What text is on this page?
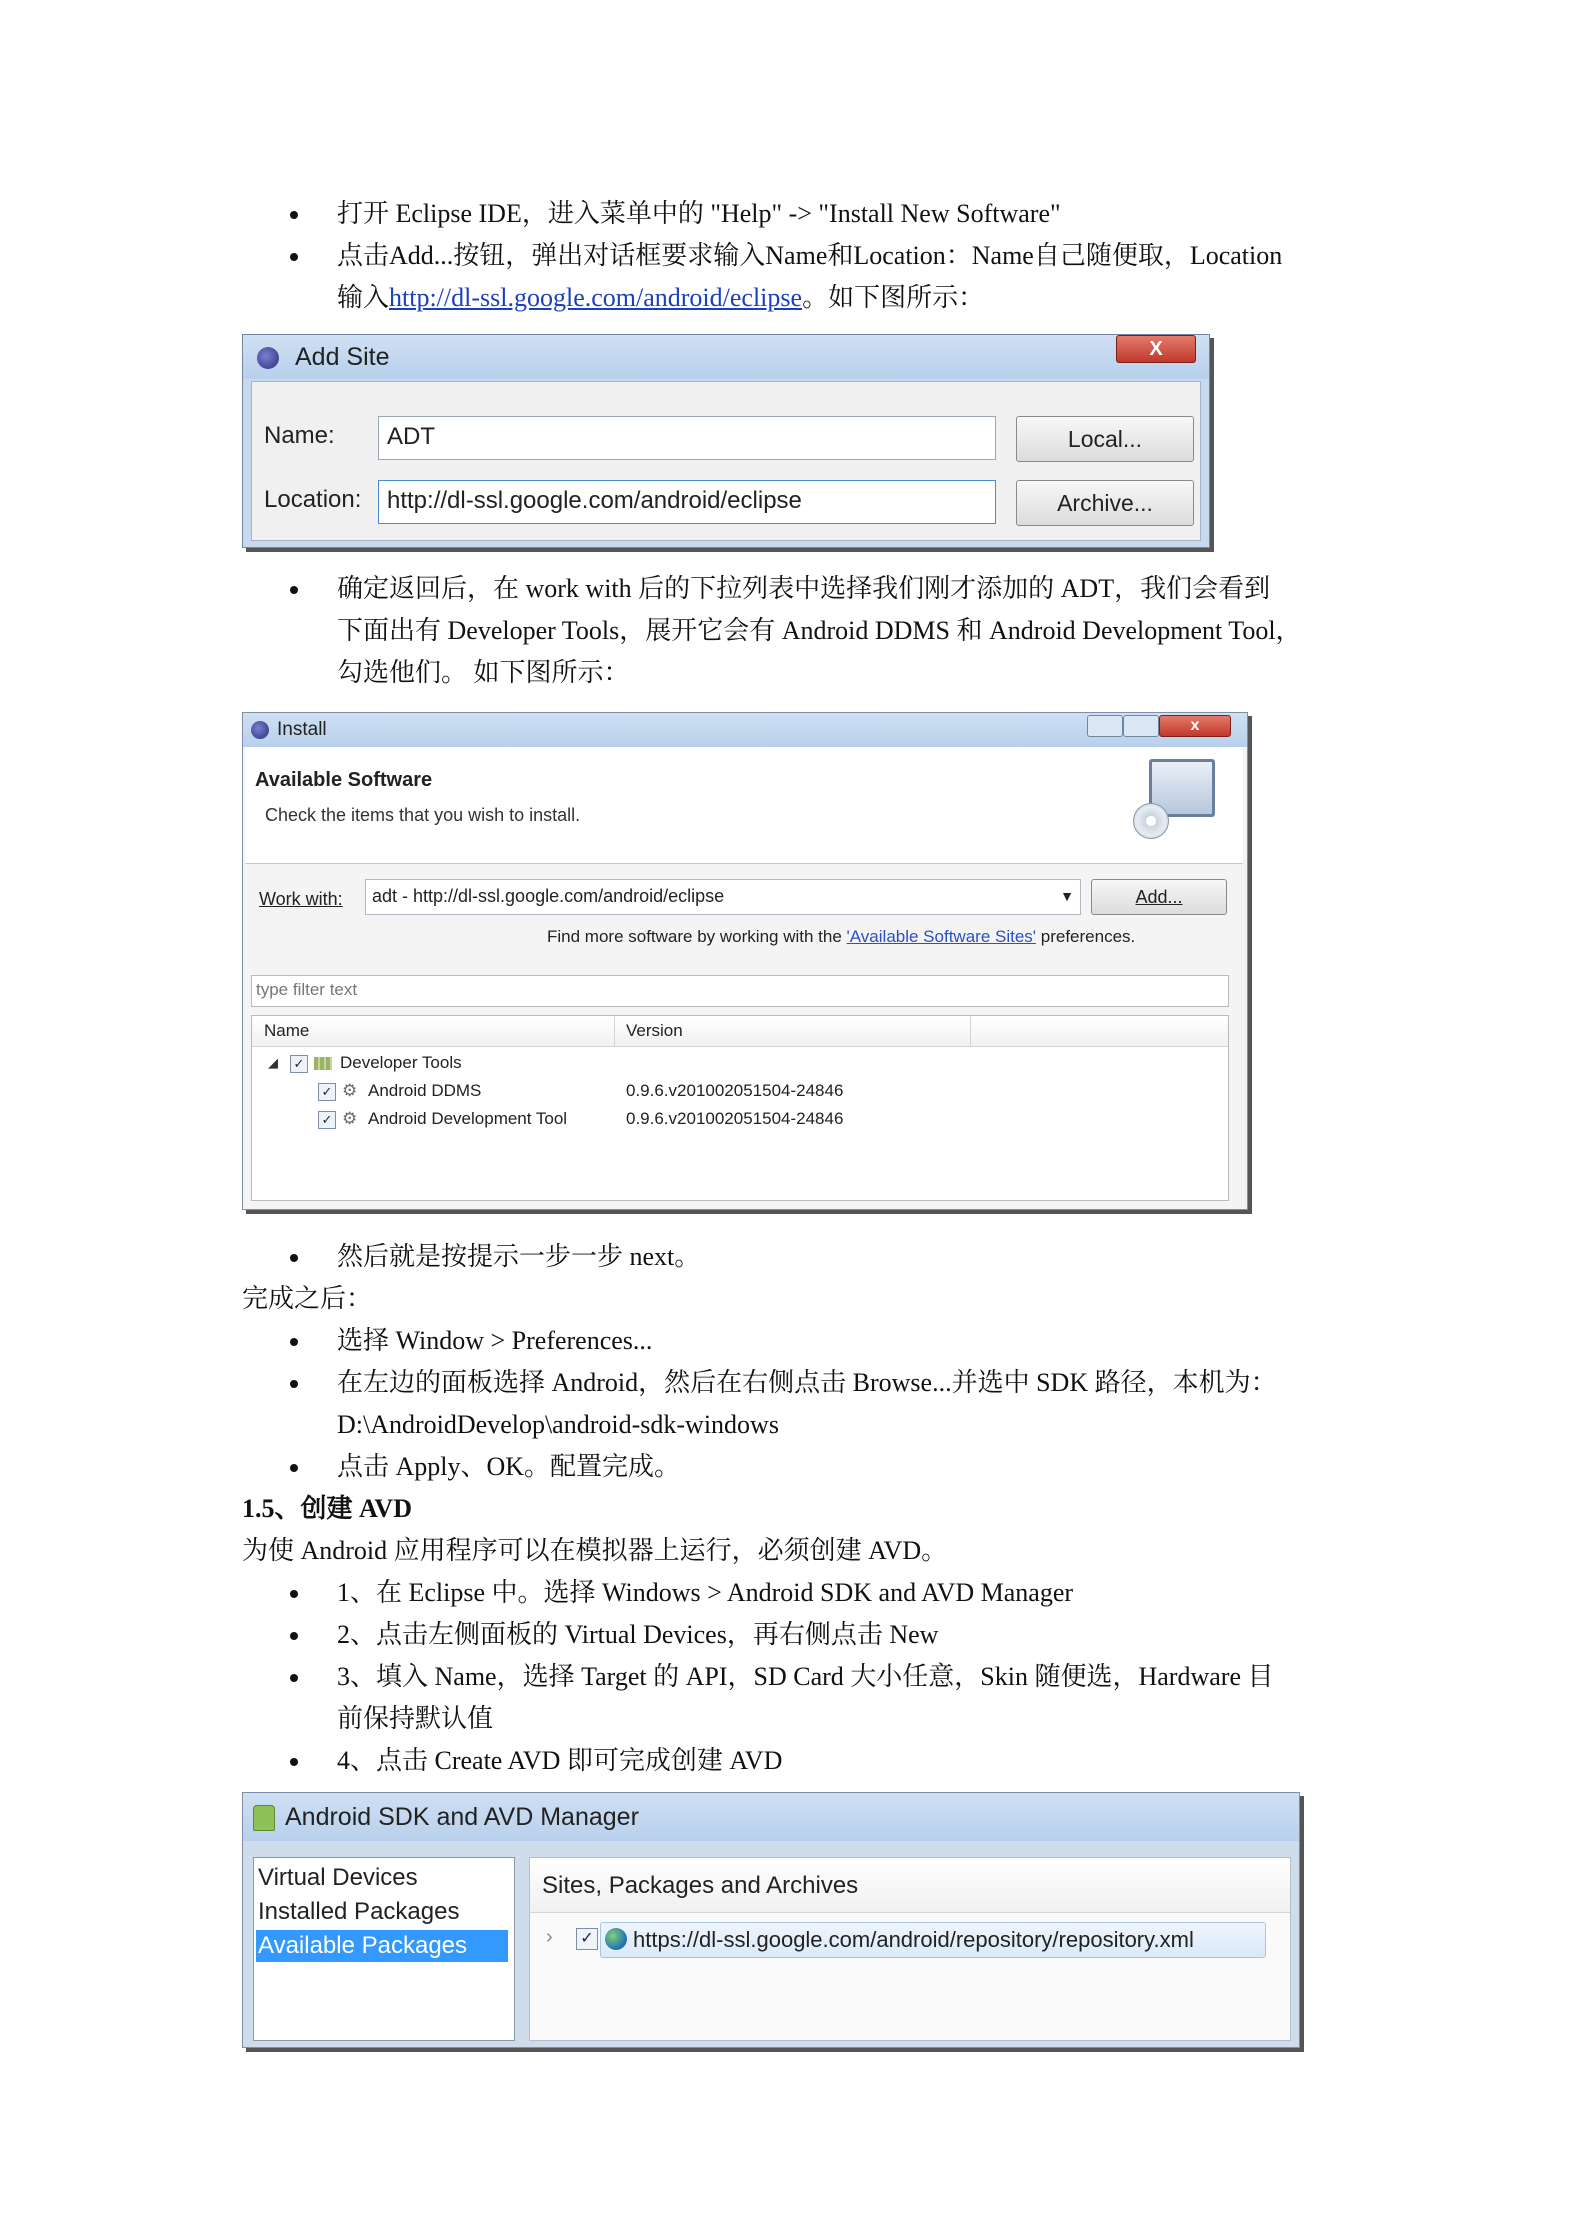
打开 Eclipse IDE，进入菜单中的 "Help" -> "Install New Software"
点击Add...按钮，弹出对话框要求输入Name和Location：Name自己随便取，Location
输入http://dl-ssl.google.com/android/eclipse。如下图所示：
Add Site	X
Name: ADT	Local...
Location: http://dl-ssl.google.com/android/eclipse	Archive...
确定返回后，在 work with 后的下拉列表中选择我们刚才添加的 ADT，我们会看到
下面出有 Developer Tools，展开它会有 Android DDMS 和 Android Development Tool，
勾选他们。 如下图所示：
Install	x
Available Software
Check the items that you wish to install.
Work with: adt - http://dl-ssl.google.com/android/eclipse	▼	Add...
Find more software by working with the 'Available Software Sites' preferences.
type filter text
Name	Version
◢ ✓ Developer Tools
✓ ⚙ Android DDMS	0.9.6.v201002051504-24846
✓ ⚙ Android Development Tool	0.9.6.v201002051504-24846
然后就是按提示一步一步 next。
完成之后：
选择 Window > Preferences...
在左边的面板选择 Android，然后在右侧点击 Browse...并选中 SDK 路径，本机为：
D:\AndroidDevelop\android-sdk-windows
点击 Apply、OK。配置完成。
1.5、创建 AVD
为使 Android 应用程序可以在模拟器上运行，必须创建 AVD。
1、在 Eclipse 中。选择 Windows > Android SDK and AVD Manager
2、点击左侧面板的 Virtual Devices，再右侧点击 New
3、填入 Name，选择 Target 的 API，SD Card 大小任意，Skin 随便选，Hardware 目
前保持默认值
4、点击 Create AVD 即可完成创建 AVD
Android SDK and AVD Manager
Virtual Devices
Installed Packages
Available Packages
Sites, Packages and Archives
› ✓ https://dl-ssl.google.com/android/repository/repository.xml
